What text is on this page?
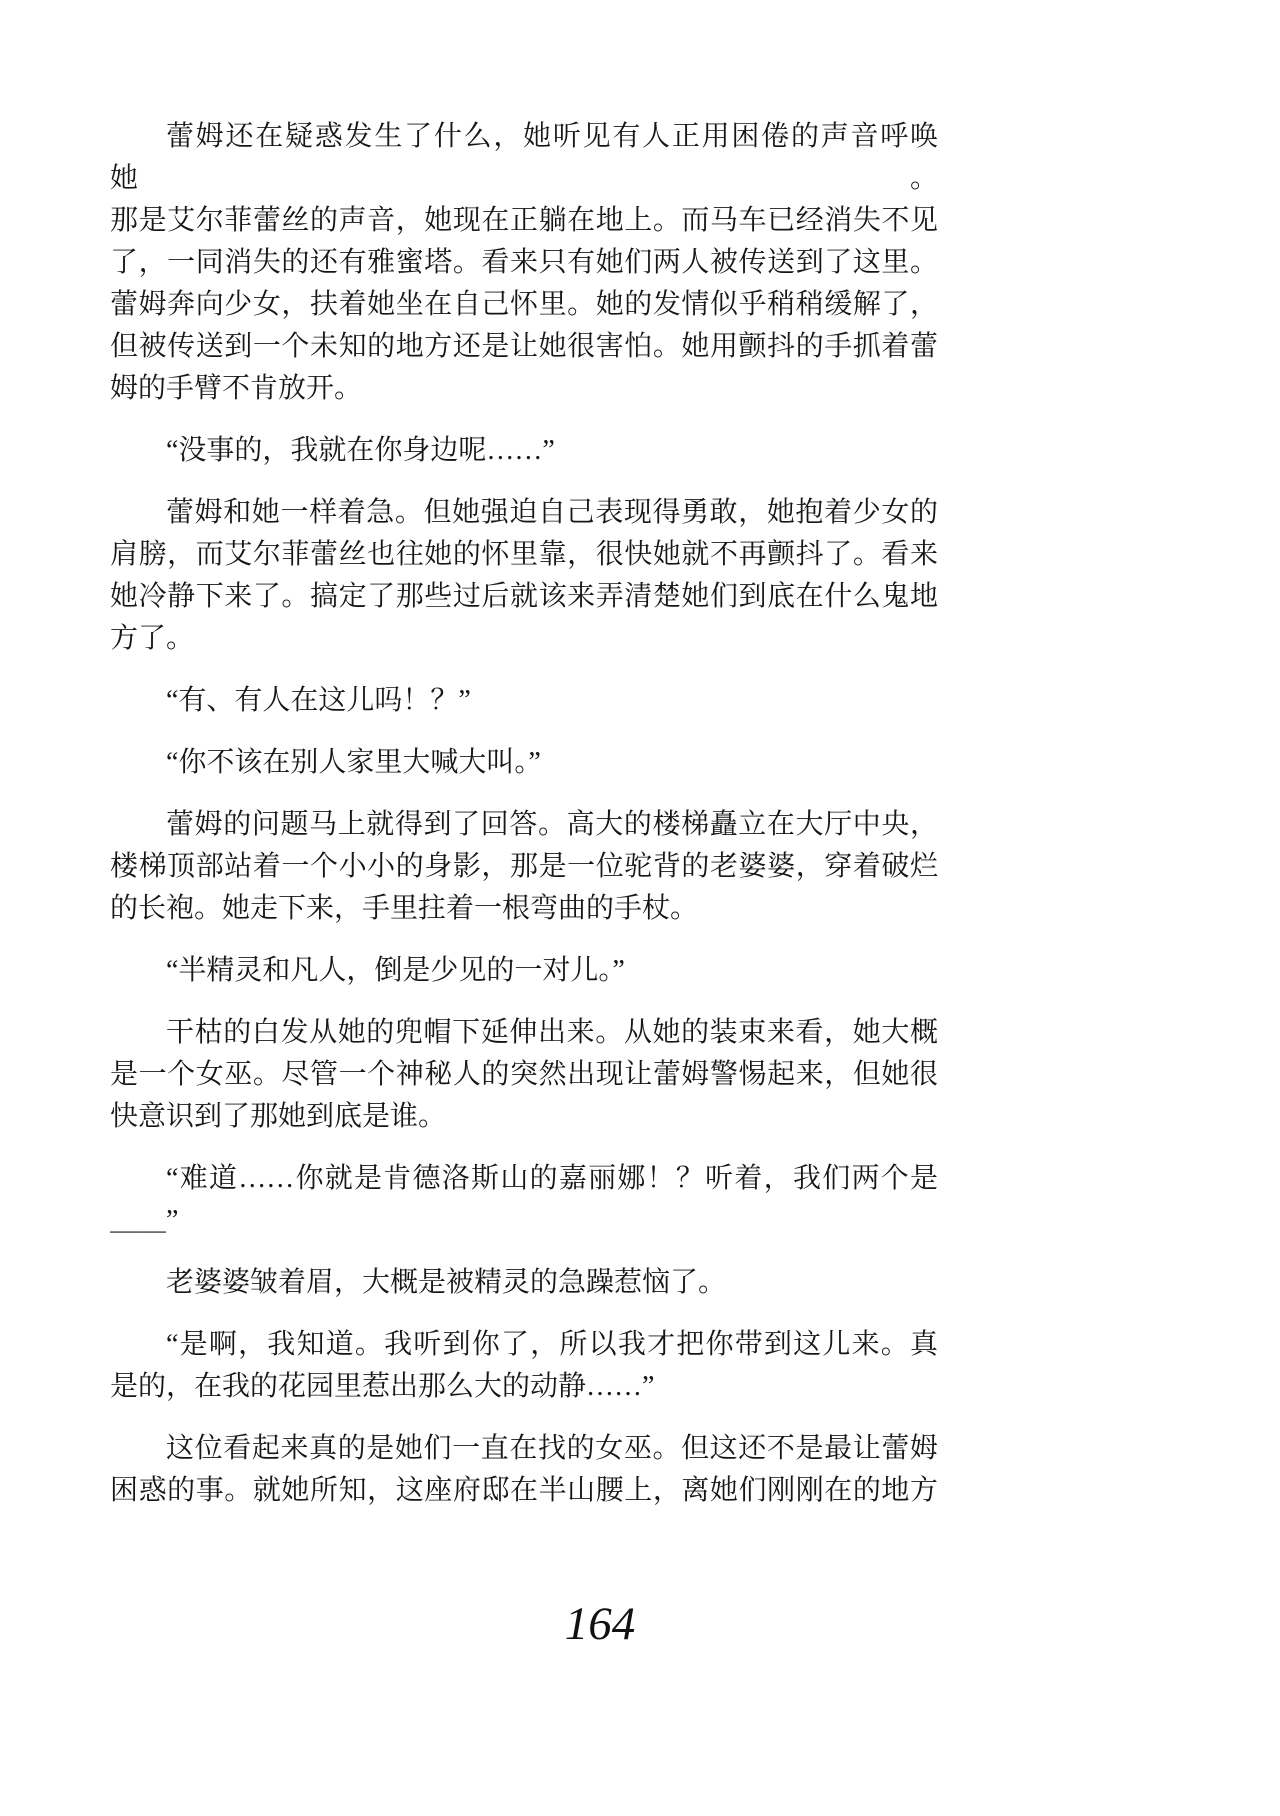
蕾姆还在疑惑发生了什么，她听见有人正用困倦的声音呼唤她。
那是艾尔菲蕾丝的声音，她现在正躺在地上。而马车已经消失不见
了，一同消失的还有雅蜜塔。看来只有她们两人被传送到了这里。
蕾姆奔向少女，扶着她坐在自己怀里。她的发情似乎稍稍缓解了，
但被传送到一个未知的地方还是让她很害怕。她用颤抖的手抓着蕾
姆的手臂不肯放开。
“没事的，我就在你身边呢……”
蕾姆和她一样着急。但她强迫自己表现得勇敢，她抱着少女的
肩膀，而艾尔菲蕾丝也往她的怀里靠，很快她就不再颤抖了。看来
她冷静下来了。搞定了那些过后就该来弄清楚她们到底在什么鬼地
方了。
“有、有人在这儿吗！？”
“你不该在别人家里大喊大叫。”
蕾姆的问题马上就得到了回答。高大的楼梯矗立在大厅中央，
楼梯顶部站着一个小小的身影，那是一位驼背的老婆婆，穿着破烂
的长袍。她走下来，手里拄着一根弯曲的手杖。
“半精灵和凡人，倒是少见的一对儿。”
干枯的白发从她的兜帽下延伸出来。从她的装束来看，她大概
是一个女巫。尽管一个神秘人的突然出现让蕾姆警惕起来，但她很
快意识到了那她到底是谁。
“难道……你就是肯德洛斯山的嘉丽娜！？听着，我们两个是
＿＿”
老婆婆皱着眉，大概是被精灵的急躁惹恼了。
“是啊，我知道。我听到你了，所以我才把你带到这儿来。真
是的，在我的花园里惹出那么大的动静……”
这位看起来真的是她们一直在找的女巫。但这还不是最让蕾姆
困惑的事。就她所知，这座府邸在半山腰上，离她们刚刚在的地方
164
